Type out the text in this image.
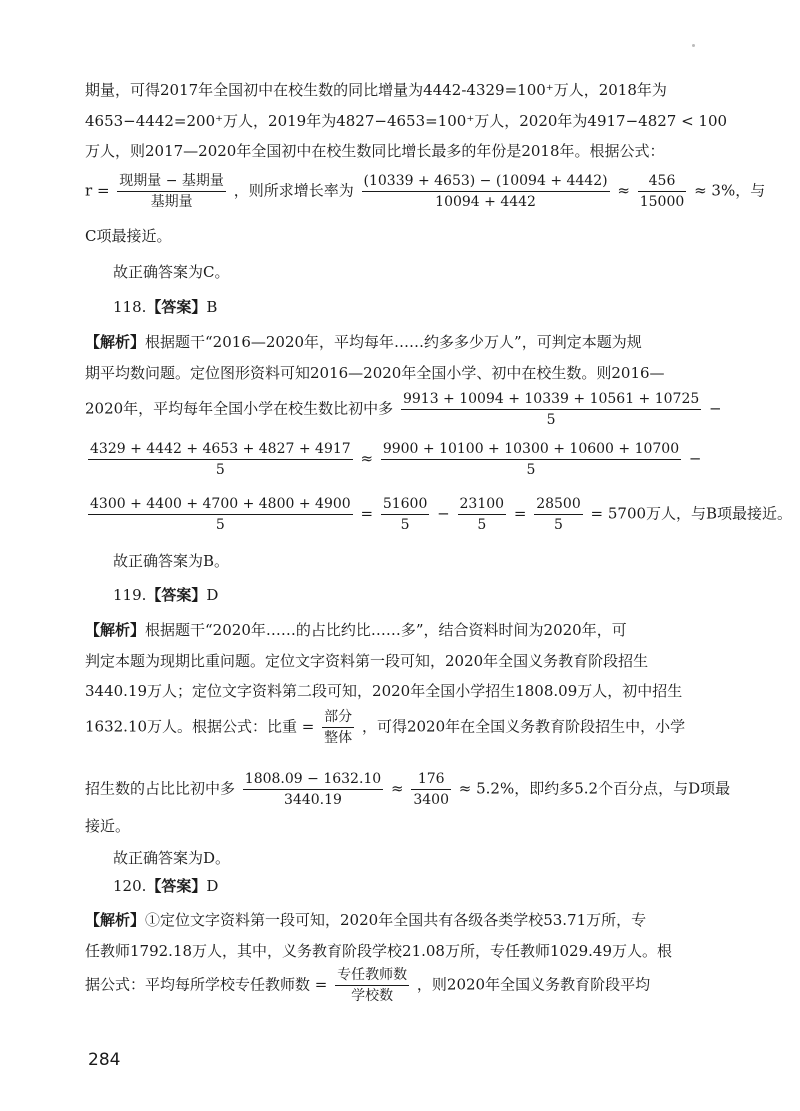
期量，可得2017年全国初中在校生数的同比增量为4442-4329=100⁺万人，2018年为
4653−4442=200⁺万人，2019年为4827−4653=100⁺万人，2020年为4917−4827 < 100
万人，则2017—2020年全国初中在校生数同比增长最多的年份是2018年。根据公式：
$r = \frac{\text{现期量 − 基期量}}{\text{基期量}}$ ，则所求增长率为 $\frac{(10339 + 4653) - (10094 + 4442)}{10094 + 4442} \approx \frac{456}{15000} \approx 3\%$，与
C项最接近。
故正确答案为C。
118.【答案】B
【解析】根据题干“2016—2020年，平均每年……约多多少万人”，可判定本题为规
期平均数问题。定位图形资料可知2016—2020年全国小学、初中在校生数。则2016—
2020年，平均每年全国小学在校生数比初中多 $\frac{9913 + 10094 + 10339 + 10561 + 10725}{5}$ −
$\frac{4329 + 4442 + 4653 + 4827 + 4917}{5} \approx \frac{9900 + 10100 + 10300 + 10600 + 10700}{5}$ −
$\frac{4300 + 4400 + 4700 + 4800 + 4900}{5} = \frac{51600}{5} - \frac{23100}{5} = \frac{28500}{5} = 5700$万人，与B项最接近。
故正确答案为B。
119.【答案】D
【解析】根据题干“2020年……的占比约比……多”，结合资料时间为2020年，可
判定本题为现期比重问题。定位文字资料第一段可知，2020年全国义务教育阶段招生
3440.19万人；定位文字资料第二段可知，2020年全国小学招生1808.09万人，初中招生
1632.10万人。根据公式：比重 = $\frac{\text{部分}}{\text{整体}}$ ，可得2020年在全国义务教育阶段招生中，小学
招生数的占比比初中多 $\frac{1808.09 - 1632.10}{3440.19} \approx \frac{176}{3400} \approx 5.2\%$，即约多5.2个百分点，与D项最
接近。
故正确答案为D。
120.【答案】D
【解析】①定位文字资料第一段可知，2020年全国共有各级各类学校53.71万所，专
任教师1792.18万人，其中，义务教育阶段学校21.08万所，专任教师1029.49万人。根
据公式：平均每所学校专任教师数 = $\frac{\text{专任教师数}}{\text{学校数}}$ ，则2020年全国义务教育阶段平均
284
